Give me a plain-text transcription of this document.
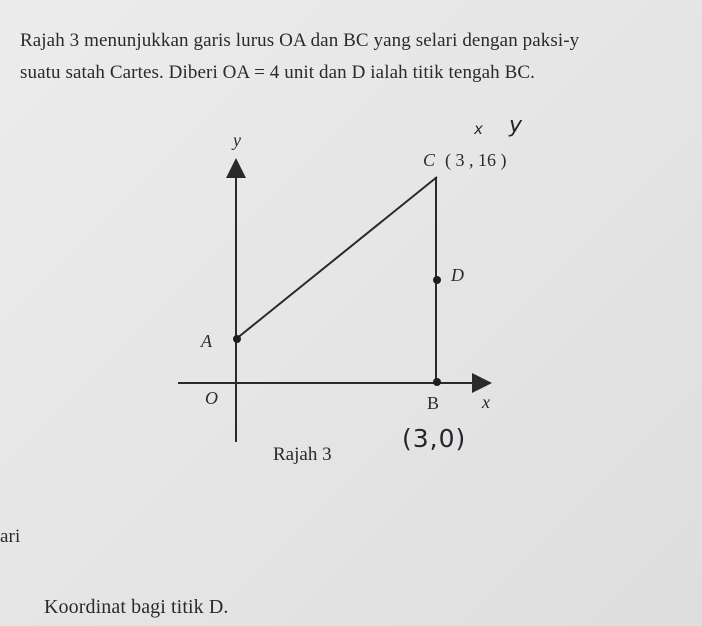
Rajah 3 menunjukkan garis lurus OA dan BC yang selari dengan paksi-y
suatu satah Cartes. Diberi OA = 4 unit dan D ialah titik tengah BC.
y
x
O
A
B
C ( 3 , 16 )
D
Rajah 3
x y
(3,0)
ari
Koordinat bagi titik D.
